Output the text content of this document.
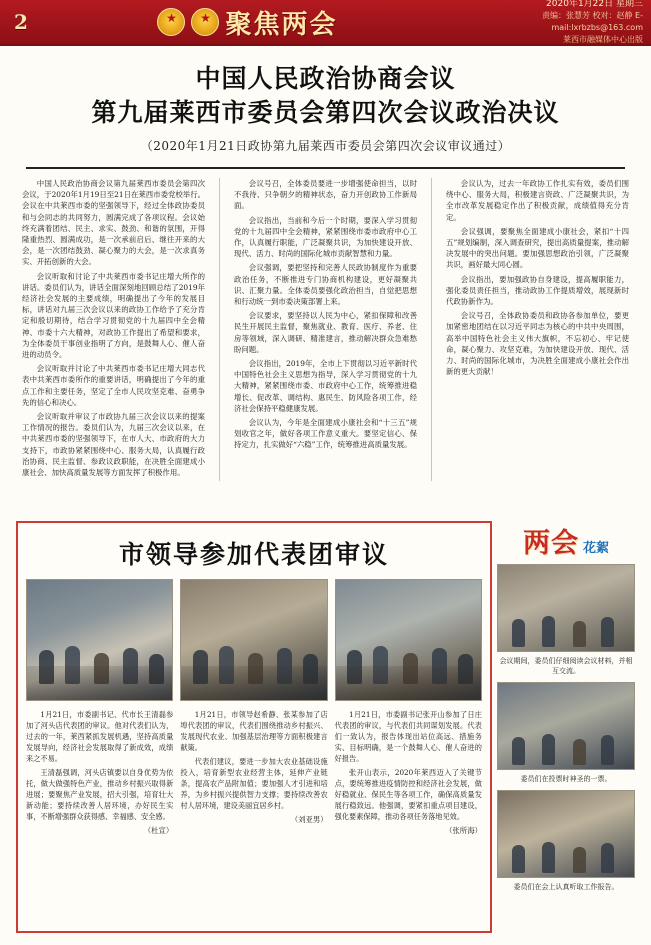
2 ★ ★	聚焦两会
2020年1月22日 星期三
责编：张慧芳 校对：赵静 E-mail:lxrbzbs@163.com
莱西市融媒体中心出版
中国人民政治协商会议
第九届莱西市委员会第四次会议政治决议
（2020年1月21日政协第九届莱西市委员会第四次会议审议通过）

中国人民政治协商会议第九届莱西市委员会第四次会议，于2020年1月19日至21日在莱西市委党校举行。会议在中共莱西市委的坚强领导下，经过全体政协委员和与会同志的共同努力，圆满完成了各项议程。会议始终充满着团结、民主、求实、鼓劲、和谐的氛围，开得隆重热烈、圆满成功，是一次承前启后、继往开来的大会，是一次团结鼓劲、凝心聚力的大会，是一次求真务实、开拓创新的大会。

会议听取和讨论了中共莱西市委书记庄增大所作的讲话。委员们认为，讲话全面深刻地回顾总结了2019年经济社会发展的主要成绩，明确提出了今年的发展目标，讲话对九届三次会议以来的政协工作给予了充分肯定和殷切期待，结合学习贯彻党的十九届四中全会精神、市委十六大精神，对政协工作提出了希望和要求，为全体委员干事创业指明了方向，是鼓舞人心、催人奋进的动员令。

会议听取并讨论了中共莱西市委书记庄增大同志代表中共莱西市委所作的重要讲话，明确提出了今年的重点工作和主要任务，坚定了全市人民攻坚克难、奋勇争先的信心和决心。

会议听取并审议了市政协九届三次会议以来的提案工作情况的报告。委员们认为，九届三次会议以来，在中共莱西市委的坚强领导下，在市人大、市政府的大力支持下，市政协紧紧围绕中心、服务大局，认真履行政治协商、民主监督、参政议政职能，在决胜全面建成小康社会、加快高质量发展等方面发挥了积极作用。

会议号召，全体委员要进一步增强使命担当，以时不我待、只争朝夕的精神状态，奋力开创政协工作新局面。

会议指出，当前和今后一个时期，要深入学习贯彻党的十九届四中全会精神，紧紧围绕市委市政府中心工作，认真履行职能，广泛凝聚共识，为加快建设开放、现代、活力、时尚的国际化城市贡献智慧和力量。

会议强调，要把坚持和完善人民政协制度作为重要政治任务，不断推进专门协商机构建设，更好凝聚共识、汇聚力量。全体委员要强化政治担当，自觉把思想和行动统一到市委决策部署上来。

会议要求，要坚持以人民为中心，紧扣保障和改善民生开展民主监督，聚焦就业、教育、医疗、养老、住房等领域，深入调研、精准建言，推动解决群众急难愁盼问题。

会议指出，2019年，全市上下贯彻以习近平新时代中国特色社会主义思想为指导，深入学习贯彻党的十九大精神，紧紧围绕市委、市政府中心工作，统筹推进稳增长、促改革、调结构、惠民生、防风险各项工作，经济社会保持平稳健康发展。

会议认为，今年是全面建成小康社会和“十三五”规划收官之年，做好各项工作意义重大。要坚定信心、保持定力，扎实做好“六稳”工作，统筹推进高质量发展。

会议认为，过去一年政协工作扎实有效，委员们围绕中心、服务大局，积极建言资政、广泛凝聚共识，为全市改革发展稳定作出了积极贡献，成绩值得充分肯定。

会议强调，要聚焦全面建成小康社会，紧扣“十四五”规划编制，深入调查研究，提出高质量提案，推动解决发展中的突出问题。要加强思想政治引领，广泛凝聚共识，画好最大同心圆。

会议指出，要加强政协自身建设，提高履职能力，强化委员责任担当，推动政协工作提质增效，展现新时代政协新作为。

会议号召，全体政协委员和政协各参加单位，要更加紧密地团结在以习近平同志为核心的中共中央周围，高举中国特色社会主义伟大旗帜，不忘初心、牢记使命，凝心聚力、攻坚克难，为加快建设开放、现代、活力、时尚的国际化城市，为决胜全面建成小康社会作出新的更大贡献！

市领导参加代表团审议

1月21日，市委副书记、代市长王清磊参加了河头店代表团的审议。他对代表们认为，过去的一年，莱西紧抓发展机遇，坚持高质量发展导向，经济社会发展取得了新成效，成绩来之不易。

王清磊强调，河头店镇要以自身优势为依托，做大做强特色产业，推动乡村振兴取得新进展；要聚焦产业发展，招大引强，培育壮大新动能；要持续改善人居环境，办好民生实事，不断增强群众获得感、幸福感、安全感。

（杜宣）

1月21日，市领导赵希静、张某参加了店埠代表团的审议，代表们围绕推动乡村振兴、发展现代农业、加强基层治理等方面积极建言献策。

代表们建议，要进一步加大农业基础设施投入，培育新型农业经营主体，延伸产业链条，提高农产品附加值；要加强人才引进和培养，为乡村振兴提供智力支撑；要持续改善农村人居环境，建设美丽宜居乡村。

（刘亚男）

1月21日，市委副书记张开山参加了日庄代表团的审议，与代表们共同谋划发展。代表们一致认为，报告体现出站位高远、措施务实、目标明确，是一个鼓舞人心、催人奋进的好报告。

张开山表示，2020年莱西迈入了关键节点，要统筹推进疫情防控和经济社会发展，做好稳就业、保民生等各项工作，确保高质量发展行稳致远。他强调，要紧扣重点项目建设，强化要素保障，推动各项任务落地见效。

（张所海）
两会 花絮
会议期间，委员们仔细阅读会议材料，并相互交流。
委员们在投票时神圣的一票。
委员们在会上认真听取工作报告。
